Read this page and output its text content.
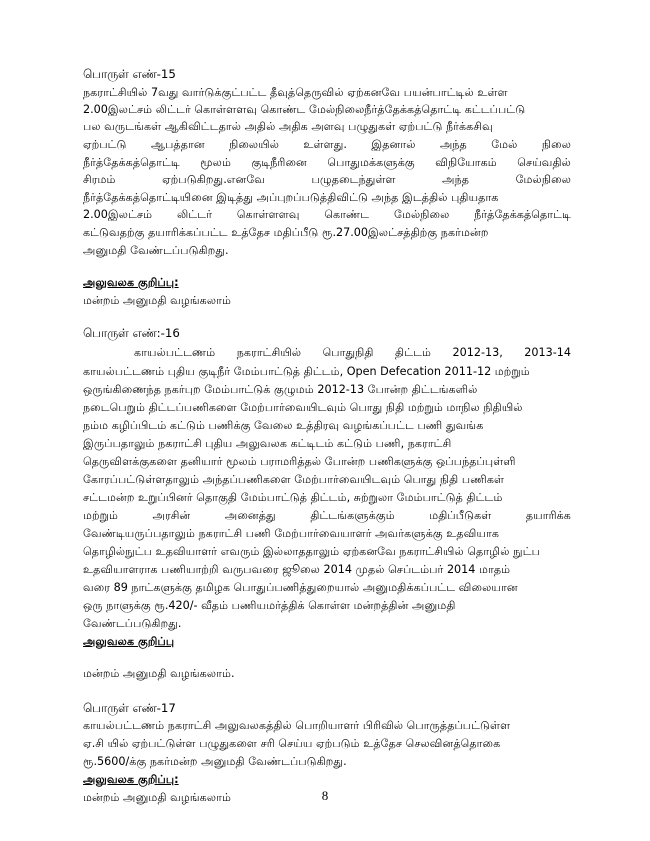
பொருள் எண்-15
நகராட்சியில் 7வது வார்டுக்குட்பட்ட தீவுத்தெருவில் ஏற்கனவே பயன்பாட்டில் உள்ள
2.00இலட்சம் லிட்டர் கொள்ளளவு கொண்ட மேல்நிலைநீர்த்தேக்கத்தொட்டி கட்டப்பட்டு
பல வருடங்கள் ஆகிவிட்டதால் அதில் அதிக அளவு பழுதுகள் ஏற்பட்டு நீர்க்கசிவு
ஏற்பட்டு ஆபத்தான நிலையில் உள்ளது. இதனால் அந்த மேல் நிலை
நீர்த்தேக்கத்தொட்டி மூலம் குடிநீரினை பொதுமக்களுக்கு விநியோகம் செய்வதில்
சிரமம்	ஏற்படுகிறது.எனவே	பழுதடைந்துள்ள	அந்த	மேல்நிலை
நீர்த்தேக்கத்தொட்டியினை இடித்து அப்புறப்படுத்திவிட்டு அந்த இடத்தில் புதியதாக
2.00இலட்சம் லிட்டர் கொள்ளளவு கொண்ட மேல்நிலை நீர்த்தேக்கத்தொட்டி
கட்டுவதற்கு தயாரிக்கப்பட்ட உத்தேச மதிப்பீடு ரூ.27.00இலட்சத்திற்கு நகர்மன்ற
அனுமதி வேண்டப்படுகிறது.
அலுவலக குறிப்பு:
மன்றம் அனுமதி வழங்கலாம்
பொருள் எண்:-16
காயல்பட்டணம் நகராட்சியில் பொதுநிதி திட்டம் 2012-13, 2013-14
காயல்பட்டணம் புதிய குடிநீர் மேம்பாட்டுத் திட்டம், Open Defecation 2011-12 மற்றும்
ஒருங்கிணைந்த நகர்புற மேம்பாட்டுக் குழுமம் 2012-13 போன்ற திட்டங்களில்
நடைபெறும் திட்டப்பணிகளை மேற்பார்வையிடவும் பொது நிதி மற்றும் மாநில நிதியில்
நம்ம கழிப்பிடம் கட்டும் பணிக்கு வேலை உத்திரவு வழங்கப்பட்ட பணி துவங்க
இருப்பதாலும் நகராட்சி புதிய அலுவலக கட்டிடம் கட்டும் பணி, நகராட்சி
தெருவிளக்குகளை தனியார் மூலம் பராமரித்தல் போன்ற பணிகளுக்கு ஒப்பந்தப்புள்ளி
கோரப்பட்டுள்ளதாலும் அந்தப்பணிகளை மேற்பார்வையிடவும் பொது நிதி பணிகள்
சட்டமன்ற உறுப்பினர் தொகுதி மேம்பாட்டுத் திட்டம், சுற்றுலா மேம்பாட்டுத் திட்டம்
மற்றும்	அரசின்	அனைத்து	திட்டங்களுக்கும்	மதிப்பீடுகள்	தயாரிக்க
வேண்டியருப்பதாலும் நகராட்சி பணி மேற்பார்வையாளர் அவர்களுக்கு உதவியாக
தொழில்நுட்ப உதவியாளர் எவரும் இல்லாததாலும் ஏற்கனவே நகராட்சியில் தொழில் நுட்ப
உதவியாளராக பணியாற்றி வருபவரை ஜூலை 2014 முதல் செப்டம்பர் 2014 மாதம்
வரை 89 நாட்களுக்கு தமிழக பொதுப்பணித்துறையால் அனுமதிக்கப்பட்ட விலையான
ஒரு நாளுக்கு ரூ.420/- வீதம் பணியமர்த்திக் கொள்ள மன்றத்தின் அனுமதி
வேண்டப்படுகிறது.
அலுவலக குறிப்பு
மன்றம் அனுமதி வழங்கலாம்.
பொருள் எண்-17
காயல்பட்டணம் நகராட்சி அலுவலகத்தில் பொறியாளர் பிரிவில் பொருத்தப்பட்டுள்ள
ஏ.சி யில் ஏற்பட்டுள்ள பழுதுகளை சரி செய்ய ஏற்படும் உத்தேச செலவினத்தொகை
ரூ.5600/க்கு நகர்மன்ற அனுமதி வேண்டப்படுகிறது.
அலுவலக குறிப்பு:
மன்றம் அனுமதி வழங்கலாம்	8
